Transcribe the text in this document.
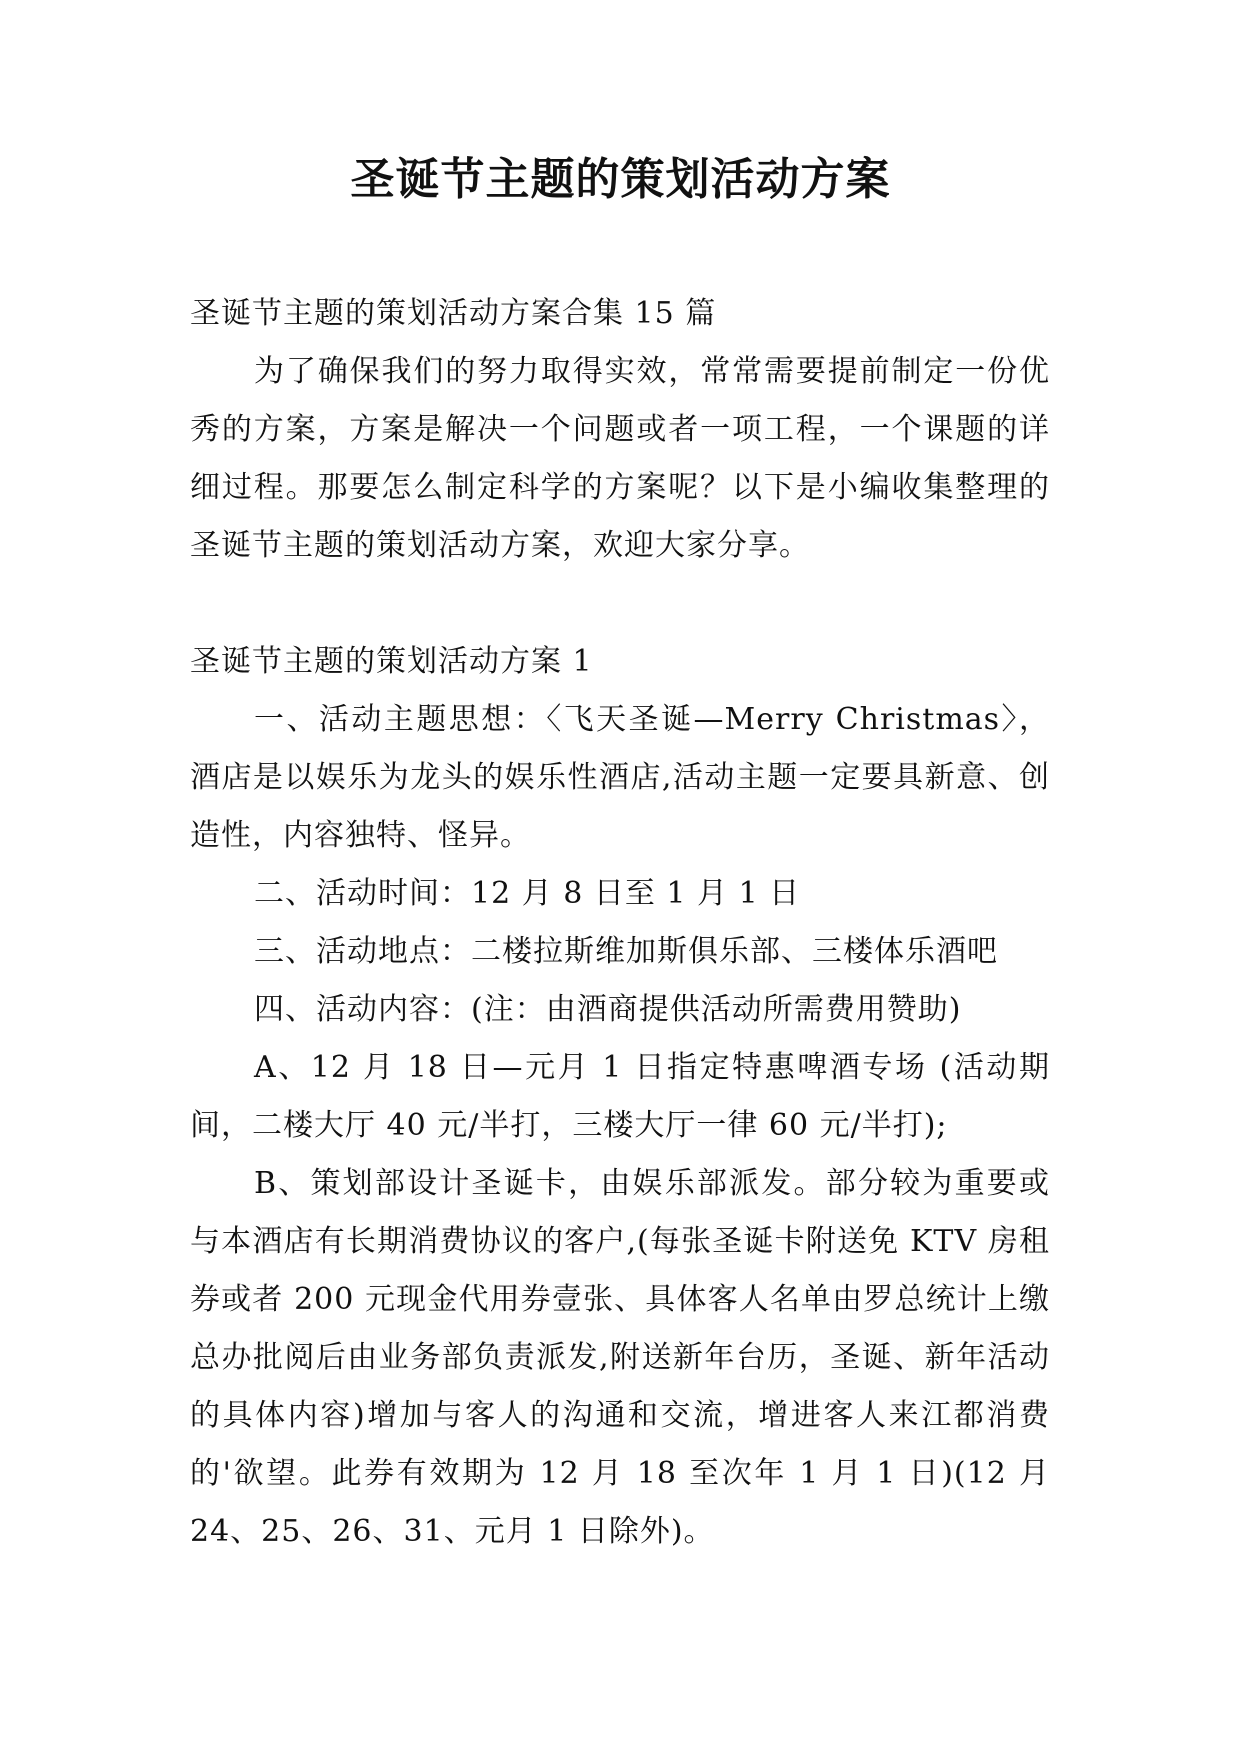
圣诞节主题的策划活动方案

圣诞节主题的策划活动方案合集 15 篇

为了确保我们的努力取得实效，常常需要提前制定一份优秀的方案，方案是解决一个问题或者一项工程，一个课题的详细过程。那要怎么制定科学的方案呢？以下是小编收集整理的圣诞节主题的策划活动方案，欢迎大家分享。

圣诞节主题的策划活动方案 1

一、活动主题思想：〈飞天圣诞—Merry Christmas〉，酒店是以娱乐为龙头的娱乐性酒店,活动主题一定要具新意、创造性，内容独特、怪异。

二、活动时间：12 月 8 日至 1 月 1 日

三、活动地点：二楼拉斯维加斯俱乐部、三楼体乐酒吧

四、活动内容：(注：由酒商提供活动所需费用赞助)

A、12 月 18 日—元月 1 日指定特惠啤酒专场 (活动期间，二楼大厅 40 元/半打，三楼大厅一律 60 元/半打);

B、策划部设计圣诞卡，由娱乐部派发。部分较为重要或与本酒店有长期消费协议的客户,(每张圣诞卡附送免 KTV 房租券或者 200 元现金代用券壹张、具体客人名单由罗总统计上缴总办批阅后由业务部负责派发,附送新年台历，圣诞、新年活动的具体内容)增加与客人的沟通和交流，增进客人来江都消费的'欲望。此券有效期为 12 月 18 至次年 1 月 1 日)(12 月 24、25、26、31、元月 1 日除外)。
